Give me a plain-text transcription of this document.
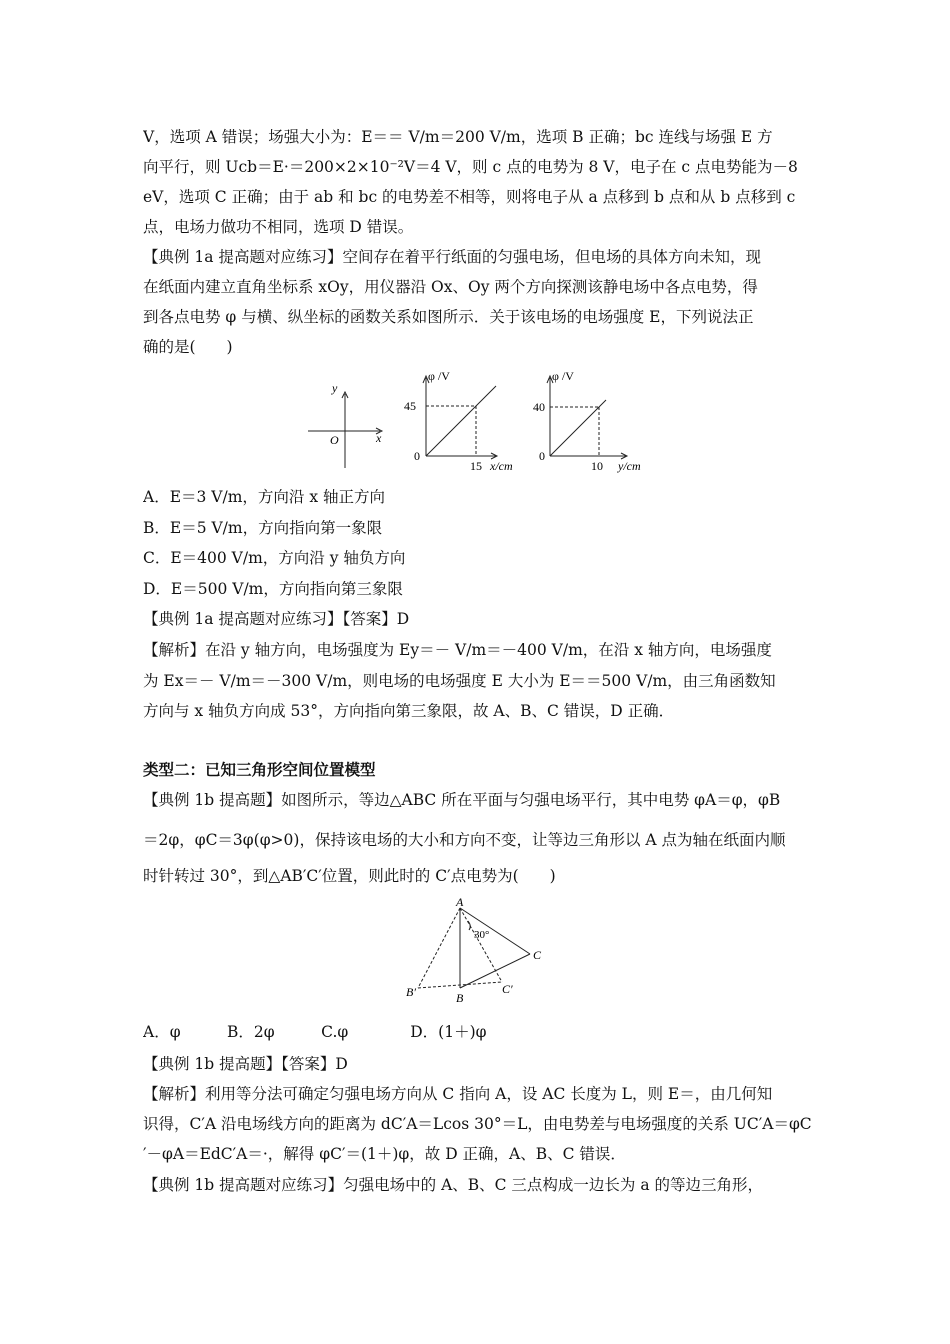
V，选项 A 错误；场强大小为：E＝＝ V/m＝200 V/m，选项 B 正确；bc 连线与场强 E 方
向平行，则 Ucb＝E·＝200×2×10⁻²V＝4 V，则 c 点的电势为 8 V，电子在 c 点电势能为－8
eV，选项 C 正确；由于 ab 和 bc 的电势差不相等，则将电子从 a 点移到 b 点和从 b 点移到 c
点，电场力做功不相同，选项 D 错误。
【典例 1a 提高题对应练习】空间存在着平行纸面的匀强电场，但电场的具体方向未知，现
在纸面内建立直角坐标系 xOy，用仪器沿 Ox、Oy 两个方向探测该静电场中各点电势，得
到各点电势 φ 与横、纵坐标的函数关系如图所示．关于该电场的电场强度 E，下列说法正
确的是(　　)
y
x
O
φ /V
45
0
15 x/cm
φ /V
40
0
10 y/cm
A．E＝3 V/m，方向沿 x 轴正方向
B．E＝5 V/m，方向指向第一象限
C．E＝400 V/m，方向沿 y 轴负方向
D．E＝500 V/m，方向指向第三象限
【典例 1a 提高题对应练习】【答案】D
【解析】在沿 y 轴方向，电场强度为 Ey＝－ V/m＝－400 V/m，在沿 x 轴方向，电场强度
为 Ex＝－ V/m＝－300 V/m，则电场的电场强度 E 大小为 E＝＝500 V/m，由三角函数知
方向与 x 轴负方向成 53°，方向指向第三象限，故 A、B、C 错误，D 正确．
类型二：已知三角形空间位置模型
【典例 1b 提高题】如图所示，等边△ABC 所在平面与匀强电场平行，其中电势 φA＝φ，φB
＝2φ，φC＝3φ(φ>0)，保持该电场的大小和方向不变，让等边三角形以 A 点为轴在纸面内顺
时针转过 30°，到△AB′C′位置，则此时的 C′点电势为(　　)
A
B
C
B′	C′
30°
A．φ　　　B．2φ　　　C.φ　　　　D．(1＋)φ
【典例 1b 提高题】【答案】D
【解析】利用等分法可确定匀强电场方向从 C 指向 A，设 AC 长度为 L，则 E＝，由几何知
识得，C′A 沿电场线方向的距离为 dC′A＝Lcos 30°＝L，由电势差与电场强度的关系 UC′A＝φC
′－φA＝EdC′A＝·，解得 φC′＝(1＋)φ，故 D 正确，A、B、C 错误．
【典例 1b 提高题对应练习】匀强电场中的 A、B、C 三点构成一边长为 a 的等边三角形，
